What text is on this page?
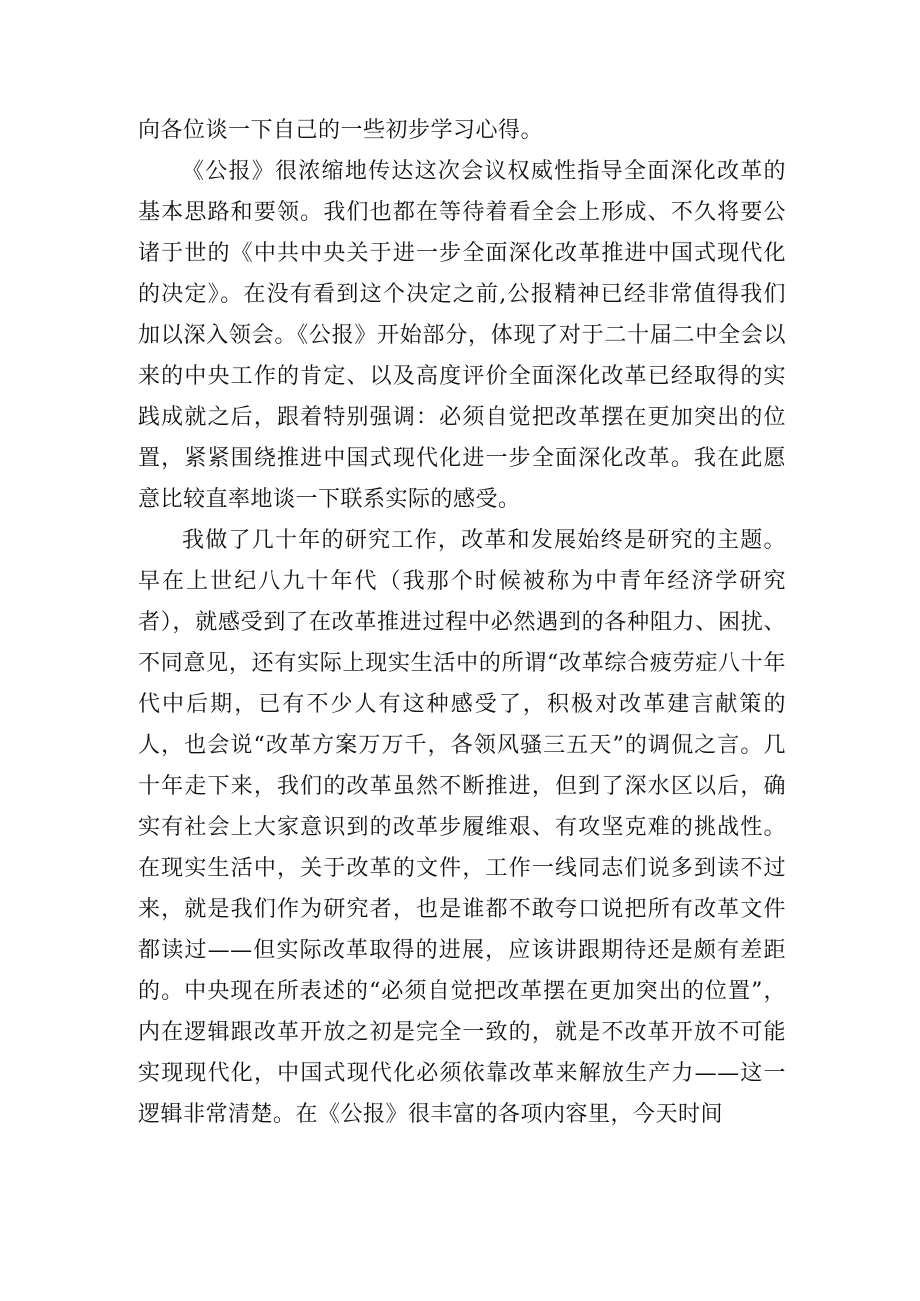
向各位谈一下自己的一些初步学习心得。

《公报》很浓缩地传达这次会议权威性指导全面深化改革的基本思路和要领。我们也都在等待着看全会上形成、不久将要公诸于世的《中共中央关于进一步全面深化改革推进中国式现代化的决定》。在没有看到这个决定之前,公报精神已经非常值得我们加以深入领会。《公报》开始部分，体现了对于二十届二中全会以来的中央工作的肯定、以及高度评价全面深化改革已经取得的实践成就之后，跟着特别强调：必须自觉把改革摆在更加突出的位置，紧紧围绕推进中国式现代化进一步全面深化改革。我在此愿意比较直率地谈一下联系实际的感受。

我做了几十年的研究工作，改革和发展始终是研究的主题。早在上世纪八九十年代（我那个时候被称为中青年经济学研究者），就感受到了在改革推进过程中必然遇到的各种阻力、困扰、不同意见，还有实际上现实生活中的所谓“改革综合疲劳症八十年代中后期，已有不少人有这种感受了，积极对改革建言献策的人，也会说“改革方案万万千，各领风骚三五天”的调侃之言。几十年走下来，我们的改革虽然不断推进，但到了深水区以后，确实有社会上大家意识到的改革步履维艰、有攻坚克难的挑战性。在现实生活中，关于改革的文件，工作一线同志们说多到读不过来，就是我们作为研究者，也是谁都不敢夸口说把所有改革文件都读过——但实际改革取得的进展，应该讲跟期待还是颇有差距的。中央现在所表述的“必须自觉把改革摆在更加突出的位置”，内在逻辑跟改革开放之初是完全一致的，就是不改革开放不可能实现现代化，中国式现代化必须依靠改革来解放生产力——这一逻辑非常清楚。在《公报》很丰富的各项内容里，今天时间
